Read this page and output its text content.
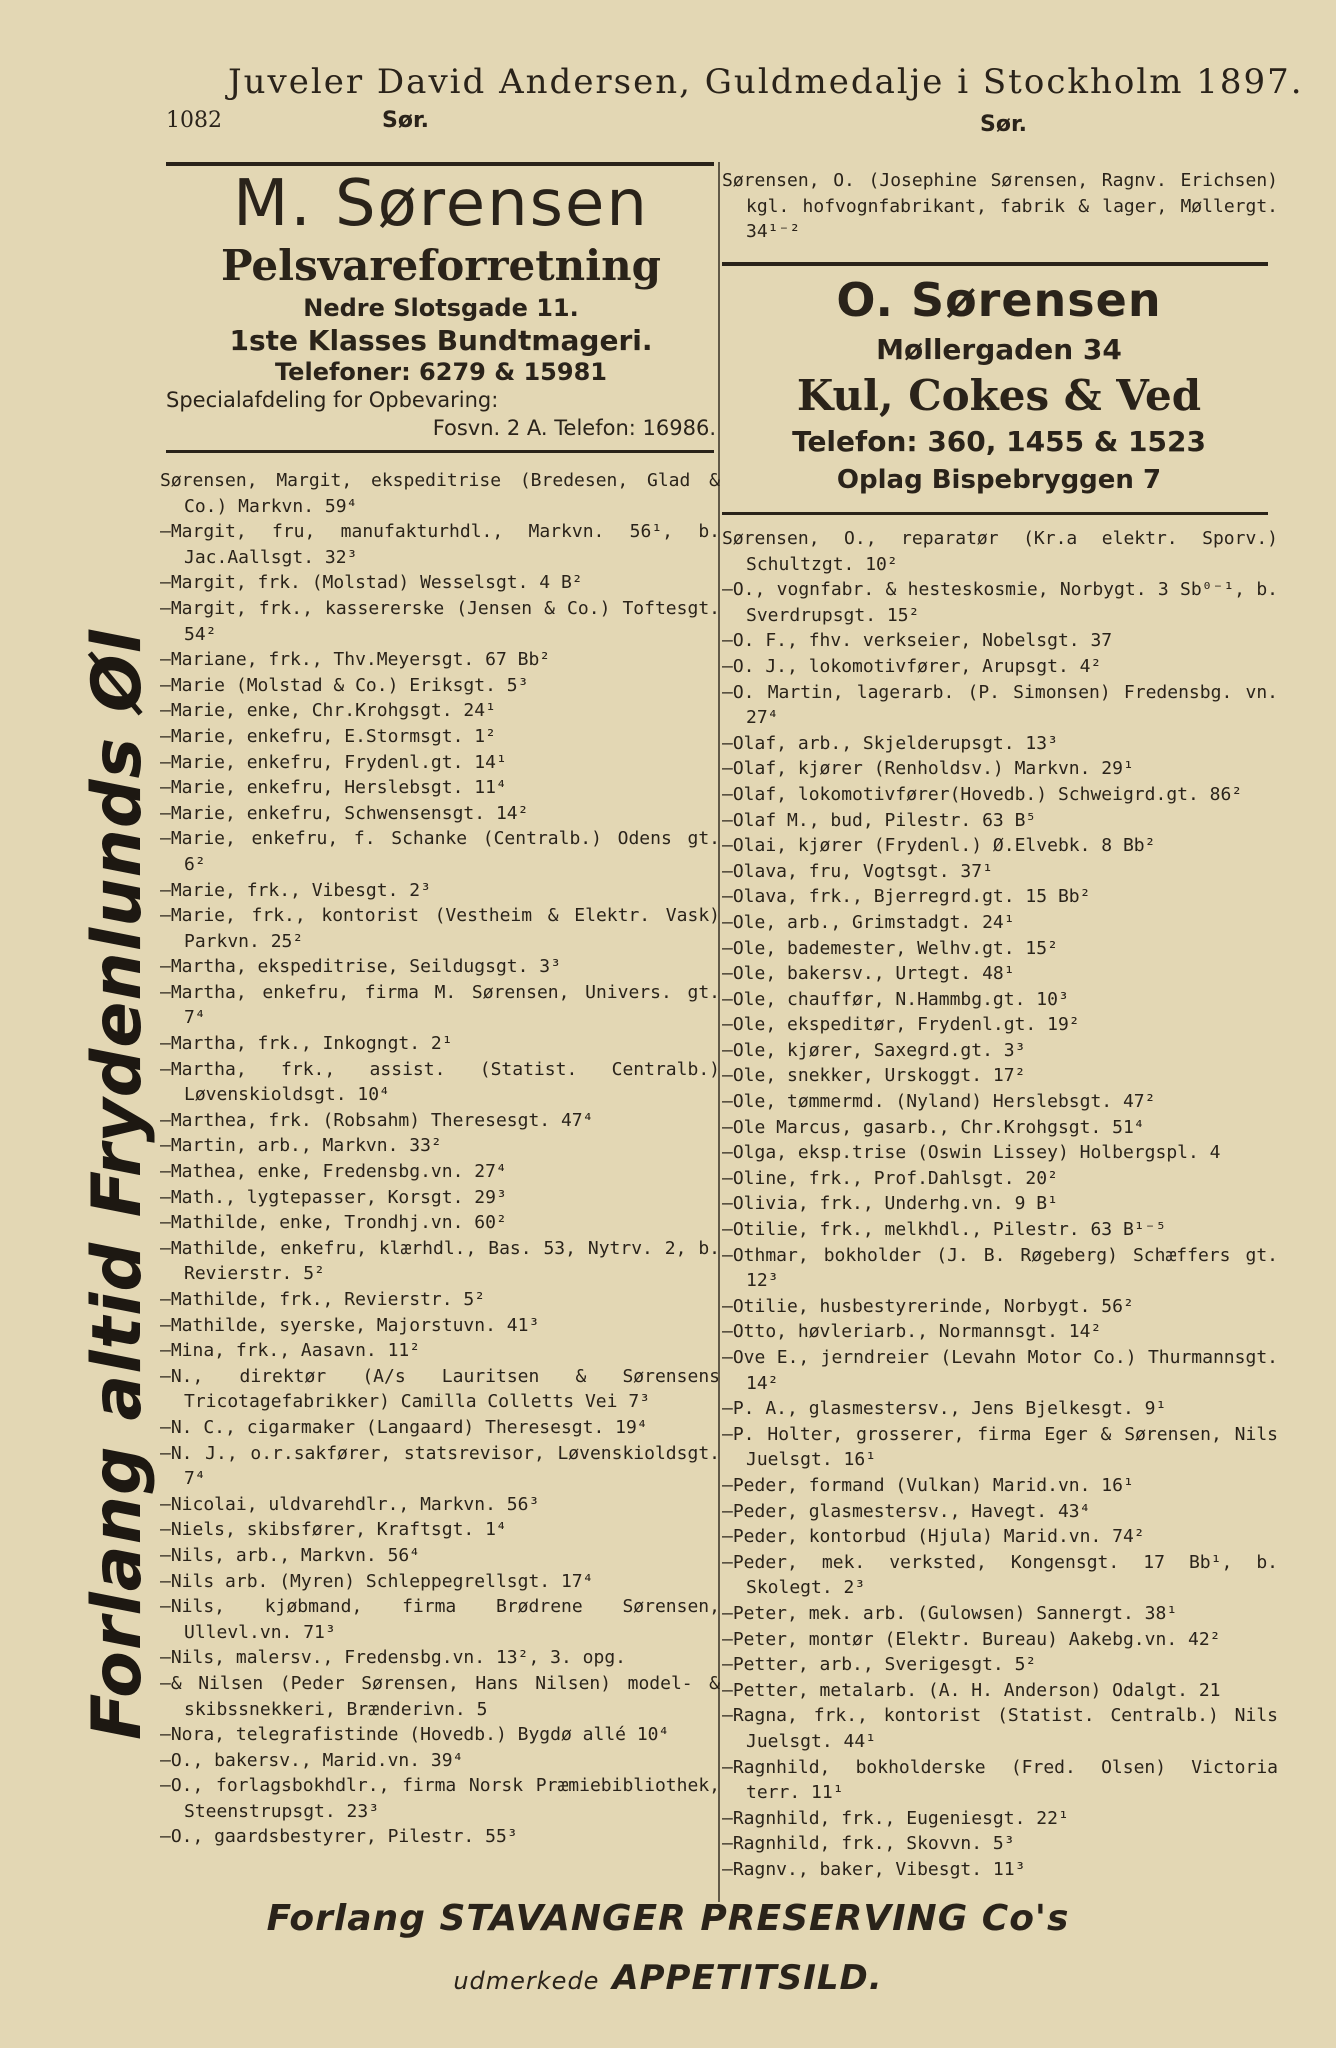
Juveler David Andersen, Guldmedalje i Stockholm 1897.
1082	Sør.	Sør.
Forlang altid Frydenlunds Øl
M. Sørensen
Pelsvareforretning
Nedre Slotsgade 11.
1ste Klasses Bundtmageri.
Telefoner: 6279 & 15981
Specialafdeling for Opbevaring:
Fosvn. 2 A. Telefon: 16986.
Sørensen, Margit, ekspeditrise (Bredesen, Glad & Co.) Markvn. 59⁴
—Margit, fru, manufakturhdl., Markvn. 56¹, b. Jac.Aallsgt. 32³
—Margit, frk. (Molstad) Wesselsgt. 4 B²
—Margit, frk., kassererske (Jensen & Co.) Toftesgt. 54²
—Mariane, frk., Thv.Meyersgt. 67 Bb²
—Marie (Molstad & Co.) Eriksgt. 5³
—Marie, enke, Chr.Krohgsgt. 24¹
—Marie, enkefru, E.Stormsgt. 1²
—Marie, enkefru, Frydenl.gt. 14¹
—Marie, enkefru, Herslebsgt. 11⁴
—Marie, enkefru, Schwensensgt. 14²
—Marie, enkefru, f. Schanke (Centralb.) Odens gt. 6²
—Marie, frk., Vibesgt. 2³
—Marie, frk., kontorist (Vestheim & Elektr. Vask) Parkvn. 25²
—Martha, ekspeditrise, Seildugsgt. 3³
—Martha, enkefru, firma M. Sørensen, Univers. gt. 7⁴
—Martha, frk., Inkogngt. 2¹
—Martha, frk., assist. (Statist. Centralb.) Løvenskioldsgt. 10⁴
—Marthea, frk. (Robsahm) Theresesgt. 47⁴
—Martin, arb., Markvn. 33²
—Mathea, enke, Fredensbg.vn. 27⁴
—Math., lygtepasser, Korsgt. 29³
—Mathilde, enke, Trondhj.vn. 60²
—Mathilde, enkefru, klærhdl., Bas. 53, Nytrv. 2, b. Revierstr. 5²
—Mathilde, frk., Revierstr. 5²
—Mathilde, syerske, Majorstuvn. 41³
—Mina, frk., Aasavn. 11²
—N., direktør (A/s Lauritsen & Sørensens Tricotagefabrikker) Camilla Colletts Vei 7³
—N. C., cigarmaker (Langaard) Theresesgt. 19⁴
—N. J., o.r.sakfører, statsrevisor, Løvenskioldsgt. 7⁴
—Nicolai, uldvarehdlr., Markvn. 56³
—Niels, skibsfører, Kraftsgt. 1⁴
—Nils, arb., Markvn. 56⁴
—Nils arb. (Myren) Schleppegrellsgt. 17⁴
—Nils, kjøbmand, firma Brødrene Sørensen, Ullevl.vn. 71³
—Nils, malersv., Fredensbg.vn. 13², 3. opg.
—& Nilsen (Peder Sørensen, Hans Nilsen) model- & skibssnekkeri, Brænderivn. 5
—Nora, telegrafistinde (Hovedb.) Bygdø allé 10⁴
—O., bakersv., Marid.vn. 39⁴
—O., forlagsbokhdlr., firma Norsk Præmiebibliothek, Steenstrupsgt. 23³
—O., gaardsbestyrer, Pilestr. 55³
Sørensen, O. (Josephine Sørensen, Ragnv. Erichsen) kgl. hofvognfabrikant, fabrik & lager, Møllergt. 34¹⁻²
O. Sørensen
Møllergaden 34
Kul, Cokes & Ved
Telefon: 360, 1455 & 1523
Oplag Bispebryggen 7
Sørensen, O., reparatør (Kr.a elektr. Sporv.) Schultzgt. 10²
—O., vognfabr. & hesteskosmie, Norbygt. 3 Sb⁰⁻¹, b. Sverdrupsgt. 15²
—O. F., fhv. verkseier, Nobelsgt. 37
—O. J., lokomotivfører, Arupsgt. 4²
—O. Martin, lagerarb. (P. Simonsen) Fredensbg. vn. 27⁴
—Olaf, arb., Skjelderupsgt. 13³
—Olaf, kjører (Renholdsv.) Markvn. 29¹
—Olaf, lokomotivfører(Hovedb.) Schweigrd.gt. 86²
—Olaf M., bud, Pilestr. 63 B⁵
—Olai, kjører (Frydenl.) Ø.Elvebk. 8 Bb²
—Olava, fru, Vogtsgt. 37¹
—Olava, frk., Bjerregrd.gt. 15 Bb²
—Ole, arb., Grimstadgt. 24¹
—Ole, bademester, Welhv.gt. 15²
—Ole, bakersv., Urtegt. 48¹
—Ole, chauffør, N.Hammbg.gt. 10³
—Ole, ekspeditør, Frydenl.gt. 19²
—Ole, kjører, Saxegrd.gt. 3³
—Ole, snekker, Urskoggt. 17²
—Ole, tømmermd. (Nyland) Herslebsgt. 47²
—Ole Marcus, gasarb., Chr.Krohgsgt. 51⁴
—Olga, eksp.trise (Oswin Lissey) Holbergspl. 4
—Oline, frk., Prof.Dahlsgt. 20²
—Olivia, frk., Underhg.vn. 9 B¹
—Otilie, frk., melkhdl., Pilestr. 63 B¹⁻⁵
—Othmar, bokholder (J. B. Røgeberg) Schæffers gt. 12³
—Otilie, husbestyrerinde, Norbygt. 56²
—Otto, høvleriarb., Normannsgt. 14²
—Ove E., jerndreier (Levahn Motor Co.) Thurmannsgt. 14²
—P. A., glasmestersv., Jens Bjelkesgt. 9¹
—P. Holter, grosserer, firma Eger & Sørensen, Nils Juelsgt. 16¹
—Peder, formand (Vulkan) Marid.vn. 16¹
—Peder, glasmestersv., Havegt. 43⁴
—Peder, kontorbud (Hjula) Marid.vn. 74²
—Peder, mek. verksted, Kongensgt. 17 Bb¹, b. Skolegt. 2³
—Peter, mek. arb. (Gulowsen) Sannergt. 38¹
—Peter, montør (Elektr. Bureau) Aakebg.vn. 42²
—Petter, arb., Sverigesgt. 5²
—Petter, metalarb. (A. H. Anderson) Odalgt. 21
—Ragna, frk., kontorist (Statist. Centralb.) Nils Juelsgt. 44¹
—Ragnhild, bokholderske (Fred. Olsen) Victoria terr. 11¹
—Ragnhild, frk., Eugeniesgt. 22¹
—Ragnhild, frk., Skovvn. 5³
—Ragnv., baker, Vibesgt. 11³
Forlang STAVANGER PRESERVING Co's
udmerkede APPETITSILD.
